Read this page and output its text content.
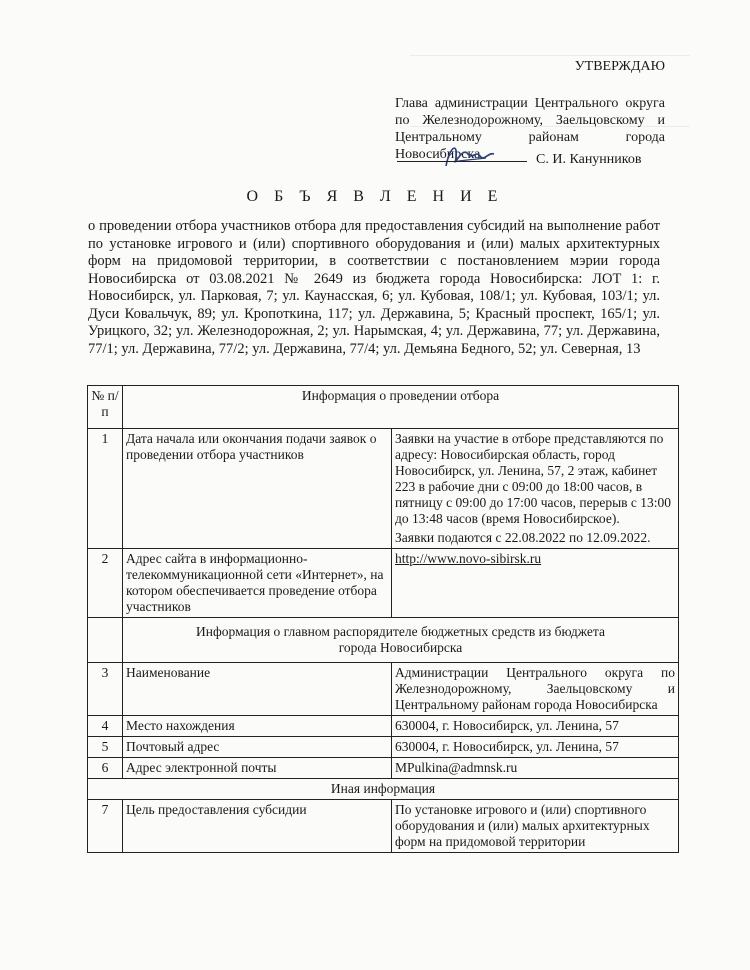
УТВЕРЖДАЮ
Глава администрации Центрального округа по Железнодорожному, Заельцовскому и Центральному районам города Новосибирска	С. И. Канунников
О Б Ъ Я В Л Е Н И Е
о проведении отбора участников отбора для предоставления субсидий на выполнение работ по установке игрового и (или) спортивного оборудования и (или) малых архитектурных форм на придомовой территории, в соответствии с постановлением мэрии города Новосибирска от 03.08.2021 № 2649 из бюджета города Новосибирска: ЛОТ 1: г. Новосибирск, ул. Парковая, 7; ул. Каунасская, 6; ул. Кубовая, 108/1; ул. Кубовая, 103/1; ул. Дуси Ковальчук, 89; ул. Кропоткина, 117; ул. Державина, 5; Красный проспект, 165/1; ул. Урицкого, 32; ул. Железнодорожная, 2; ул. Нарымская, 4; ул. Державина, 77; ул. Державина, 77/1; ул. Державина, 77/2; ул. Державина, 77/4; ул. Демьяна Бедного, 52; ул. Северная, 13
№ п/п	Информация о проведении отбора	
1	Дата начала или окончания подачи заявок о проведении отбора участников	Заявки на участие в отборе представляются по адресу: Новосибирская область, город Новосибирск, ул. Ленина, 57, 2 этаж, кабинет 223 в рабочие дни с 09:00 до 18:00 часов, в пятницу с 09:00 до 17:00 часов, перерыв с 13:00 до 13:48 часов (время Новосибирское).
Заявки подаются с 22.08.2022 по 12.09.2022.

2	Адрес сайта в информационно-телекоммуникационной сети «Интернет», на котором обеспечивается проведение отбора участников	http://www.novo-sibirsk.ru
	Информация о главном распорядителе бюджетных средств из бюджета города Новосибирска	
3	Наименование	Администрации Центрального округа по Железнодорожному, Заельцовскому и Центральному районам города Новосибирска
4	Место нахождения	630004, г. Новосибирск, ул. Ленина, 57
5	Почтовый адрес	630004, г. Новосибирск, ул. Ленина, 57
6	Адрес электронной почты	MPulkina@admnsk.ru
Иная информация		
7	Цель предоставления субсидии	По установке игрового и (или) спортивного оборудования и (или) малых архитектурных форм на придомовой территории
